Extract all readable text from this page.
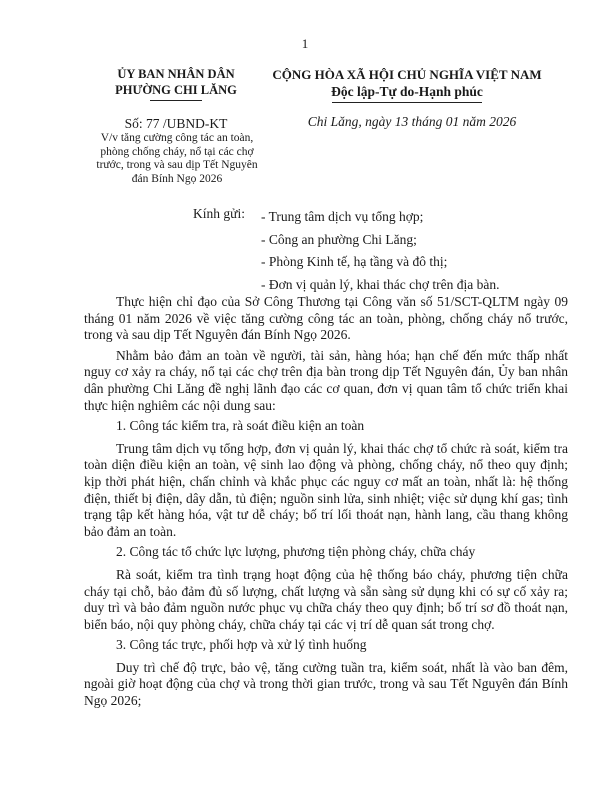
1
ỦY BAN NHÂN DÂN
PHƯỜNG CHI LĂNG
CỘNG HÒA XÃ HỘI CHỦ NGHĨA VIỆT NAM
Độc lập-Tự do-Hạnh phúc
Số: 77 /UBND-KT
V/v tăng cường công tác an toàn, phòng chống cháy, nổ tại các chợ trước, trong và sau dịp Tết Nguyên đán Bính Ngọ 2026
Chi Lăng, ngày 13 tháng 01 năm 2026
Kính gửi: - Trung tâm dịch vụ tổng hợp;
- Công an phường Chi Lăng;
- Phòng Kinh tế, hạ tầng và đô thị;
- Đơn vị quản lý, khai thác chợ trên địa bàn.

Thực hiện chỉ đạo của Sở Công Thương tại Công văn số 51/SCT-QLTM ngày 09 tháng 01 năm 2026 về việc tăng cường công tác an toàn, phòng, chống cháy nổ trước, trong và sau dịp Tết Nguyên đán Bính Ngọ 2026.

Nhằm bảo đảm an toàn về người, tài sản, hàng hóa; hạn chế đến mức thấp nhất nguy cơ xảy ra cháy, nổ tại các chợ trên địa bàn trong dịp Tết Nguyên đán, Ủy ban nhân dân phường Chi Lăng đề nghị lãnh đạo các cơ quan, đơn vị quan tâm tổ chức triển khai thực hiện nghiêm các nội dung sau:

1. Công tác kiểm tra, rà soát điều kiện an toàn

Trung tâm dịch vụ tổng hợp, đơn vị quản lý, khai thác chợ tổ chức rà soát, kiểm tra toàn diện điều kiện an toàn, vệ sinh lao động và phòng, chống cháy, nổ theo quy định; kịp thời phát hiện, chấn chỉnh và khắc phục các nguy cơ mất an toàn, nhất là: hệ thống điện, thiết bị điện, dây dẫn, tủ điện; nguồn sinh lửa, sinh nhiệt; việc sử dụng khí gas; tình trạng tập kết hàng hóa, vật tư dễ cháy; bố trí lối thoát nạn, hành lang, cầu thang không bảo đảm an toàn.

2. Công tác tổ chức lực lượng, phương tiện phòng cháy, chữa cháy

Rà soát, kiểm tra tình trạng hoạt động của hệ thống báo cháy, phương tiện chữa cháy tại chỗ, bảo đảm đủ số lượng, chất lượng và sẵn sàng sử dụng khi có sự cố xảy ra; duy trì và bảo đảm nguồn nước phục vụ chữa cháy theo quy định; bố trí sơ đồ thoát nạn, biển báo, nội quy phòng cháy, chữa cháy tại các vị trí dễ quan sát trong chợ.

3. Công tác trực, phối hợp và xử lý tình huống

Duy trì chế độ trực, bảo vệ, tăng cường tuần tra, kiểm soát, nhất là vào ban đêm, ngoài giờ hoạt động của chợ và trong thời gian trước, trong và sau Tết Nguyên đán Bính Ngọ 2026;
